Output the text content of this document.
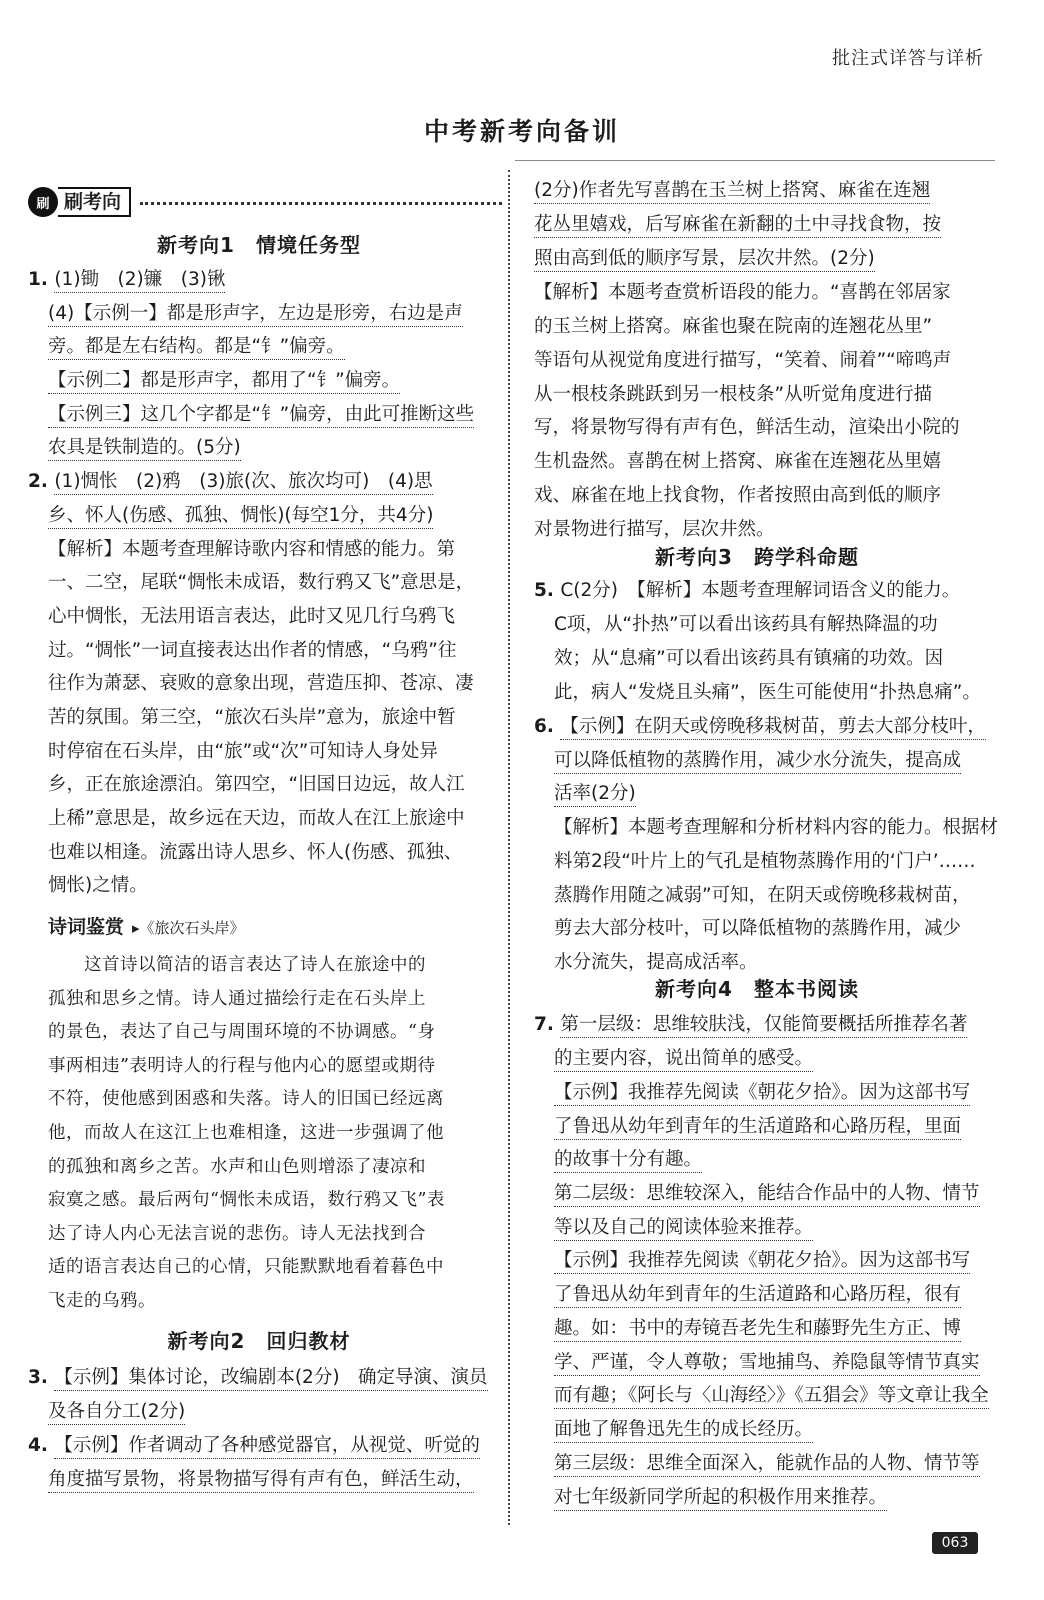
批注式详答与详析
中考新考向备训
刷 刷考向
新考向1　情境任务型
1. (1)锄　(2)镰　(3)锹
(4)【示例一】都是形声字，左边是形旁，右边是声
旁。都是左右结构。都是“钅”偏旁。
【示例二】都是形声字，都用了“钅”偏旁。
【示例三】这几个字都是“钅”偏旁，由此可推断这些
农具是铁制造的。(5分)
2. (1)惆怅　(2)鸦　(3)旅(次、旅次均可)　(4)思
乡、怀人(伤感、孤独、惆怅)(每空1分，共4分)
【解析】本题考查理解诗歌内容和情感的能力。第
一、二空，尾联“惆怅未成语，数行鸦又飞”意思是，
心中惆怅，无法用语言表达，此时又见几行乌鸦飞
过。“惆怅”一词直接表达出作者的情感，“乌鸦”往
往作为萧瑟、衰败的意象出现，营造压抑、苍凉、凄
苦的氛围。第三空，“旅次石头岸”意为，旅途中暂
时停宿在石头岸，由“旅”或“次”可知诗人身处异
乡，正在旅途漂泊。第四空，“旧国日边远，故人江
上稀”意思是，故乡远在天边，而故人在江上旅途中
也难以相逢。流露出诗人思乡、怀人(伤感、孤独、
惆怅)之情。
诗词鉴赏 ▸《旅次石头岸》
　　这首诗以简洁的语言表达了诗人在旅途中的
孤独和思乡之情。诗人通过描绘行走在石头岸上
的景色，表达了自己与周围环境的不协调感。“身
事两相违”表明诗人的行程与他内心的愿望或期待
不符，使他感到困惑和失落。诗人的旧国已经远离
他，而故人在这江上也难相逢，这进一步强调了他
的孤独和离乡之苦。水声和山色则增添了凄凉和
寂寞之感。最后两句“惆怅未成语，数行鸦又飞”表
达了诗人内心无法言说的悲伤。诗人无法找到合
适的语言表达自己的心情，只能默默地看着暮色中
飞走的乌鸦。
新考向2　回归教材
3. 【示例】集体讨论，改编剧本(2分)　确定导演、演员
及各自分工(2分)
4. 【示例】作者调动了各种感觉器官，从视觉、听觉的
角度描写景物，将景物描写得有声有色，鲜活生动，
(2分)作者先写喜鹊在玉兰树上搭窝、麻雀在连翘
花丛里嬉戏，后写麻雀在新翻的土中寻找食物，按
照由高到低的顺序写景，层次井然。(2分)
【解析】本题考查赏析语段的能力。“喜鹊在邻居家
的玉兰树上搭窝。麻雀也聚在院南的连翘花丛里”
等语句从视觉角度进行描写，“笑着、闹着”“啼鸣声
从一根枝条跳跃到另一根枝条”从听觉角度进行描
写，将景物写得有声有色，鲜活生动，渲染出小院的
生机盎然。喜鹊在树上搭窝、麻雀在连翘花丛里嬉
戏、麻雀在地上找食物，作者按照由高到低的顺序
对景物进行描写，层次井然。
新考向3　跨学科命题
5. C(2分)　【解析】本题考查理解词语含义的能力。
C项，从“扑热”可以看出该药具有解热降温的功
效；从“息痛”可以看出该药具有镇痛的功效。因
此，病人“发烧且头痛”，医生可能使用“扑热息痛”。
6. 【示例】在阴天或傍晚移栽树苗，剪去大部分枝叶，
可以降低植物的蒸腾作用，减少水分流失，提高成
活率(2分)
【解析】本题考查理解和分析材料内容的能力。根据材
料第2段“叶片上的气孔是植物蒸腾作用的‘门户’……
蒸腾作用随之减弱”可知，在阴天或傍晚移栽树苗，
剪去大部分枝叶，可以降低植物的蒸腾作用，减少
水分流失，提高成活率。
新考向4　整本书阅读
7. 第一层级：思维较肤浅，仅能简要概括所推荐名著
的主要内容，说出简单的感受。
【示例】我推荐先阅读《朝花夕拾》。因为这部书写
了鲁迅从幼年到青年的生活道路和心路历程，里面
的故事十分有趣。
第二层级：思维较深入，能结合作品中的人物、情节
等以及自己的阅读体验来推荐。
【示例】我推荐先阅读《朝花夕拾》。因为这部书写
了鲁迅从幼年到青年的生活道路和心路历程，很有
趣。如：书中的寿镜吾老先生和藤野先生方正、博
学、严谨，令人尊敬；雪地捕鸟、养隐鼠等情节真实
而有趣；《阿长与〈山海经〉》《五猖会》等文章让我全
面地了解鲁迅先生的成长经历。
第三层级：思维全面深入，能就作品的人物、情节等
对七年级新同学所起的积极作用来推荐。
063
